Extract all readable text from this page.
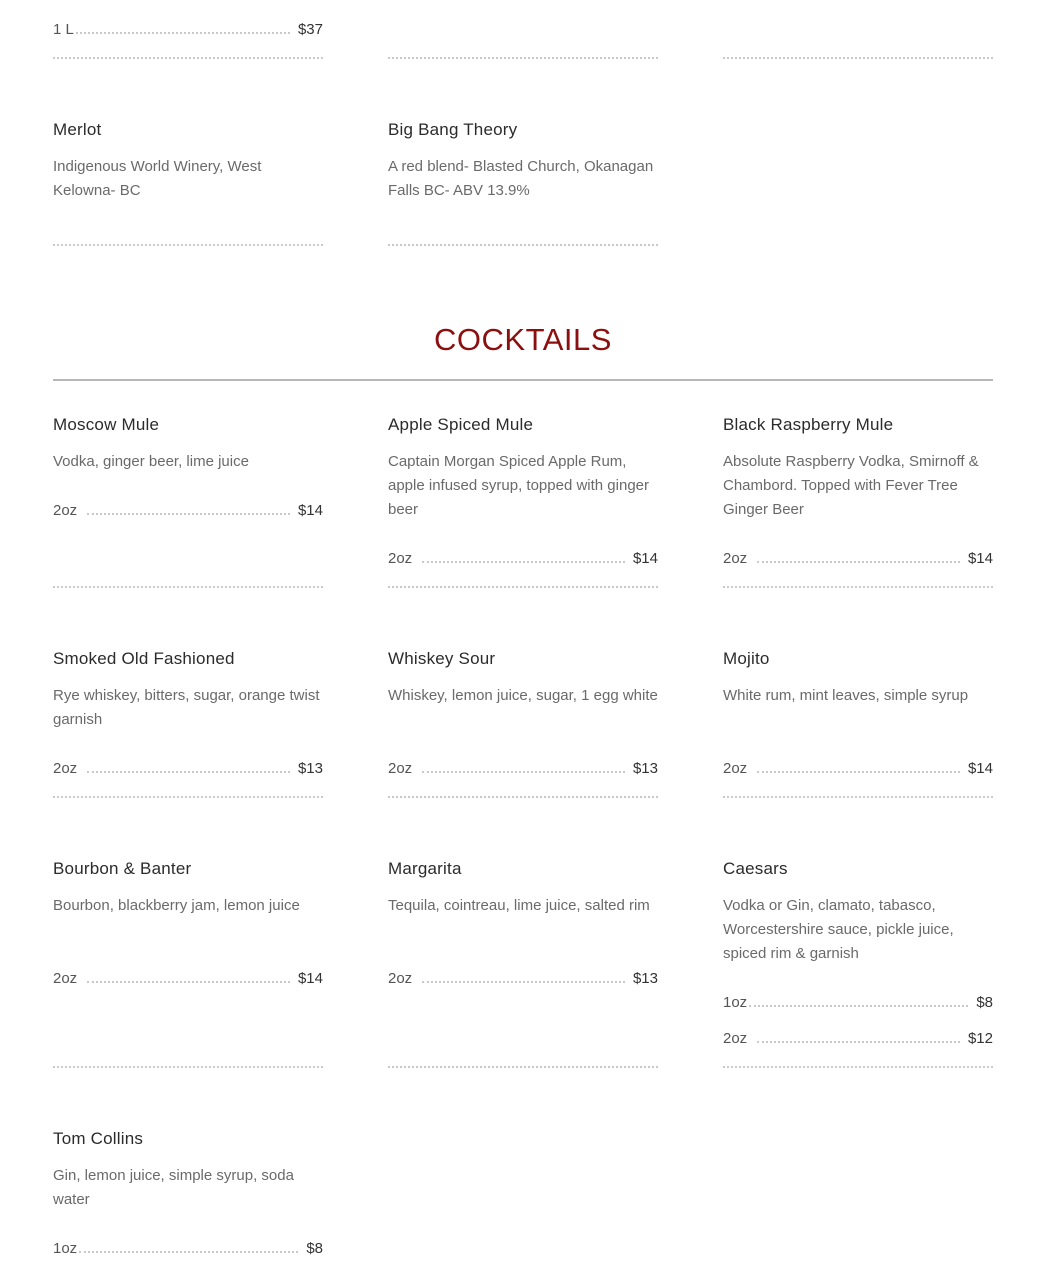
1 L	$37
Merlot
Indigenous World Winery, West Kelowna- BC
Big Bang Theory
A red blend- Blasted Church, Okanagan Falls BC- ABV 13.9%
COCKTAILS
Moscow Mule
Vodka, ginger beer, lime juice
2oz	$14
Apple Spiced Mule
Captain Morgan Spiced Apple Rum, apple infused syrup, topped with ginger beer
2oz	$14
Black Raspberry Mule
Absolute Raspberry Vodka, Smirnoff & Chambord. Topped with Fever Tree Ginger Beer
2oz	$14
Smoked Old Fashioned
Rye whiskey, bitters, sugar, orange twist garnish
2oz	$13
Whiskey Sour
Whiskey, lemon juice, sugar, 1 egg white
2oz	$13
Mojito
White rum, mint leaves, simple syrup
2oz	$14
Bourbon & Banter
Bourbon, blackberry jam, lemon juice
2oz	$14
Margarita
Tequila, cointreau, lime juice, salted rim
2oz	$13
Caesars
Vodka or Gin, clamato, tabasco, Worcestershire sauce, pickle juice, spiced rim & garnish
1oz	$8
2oz	$12
Tom Collins
Gin, lemon juice, simple syrup, soda water
1oz	$8
